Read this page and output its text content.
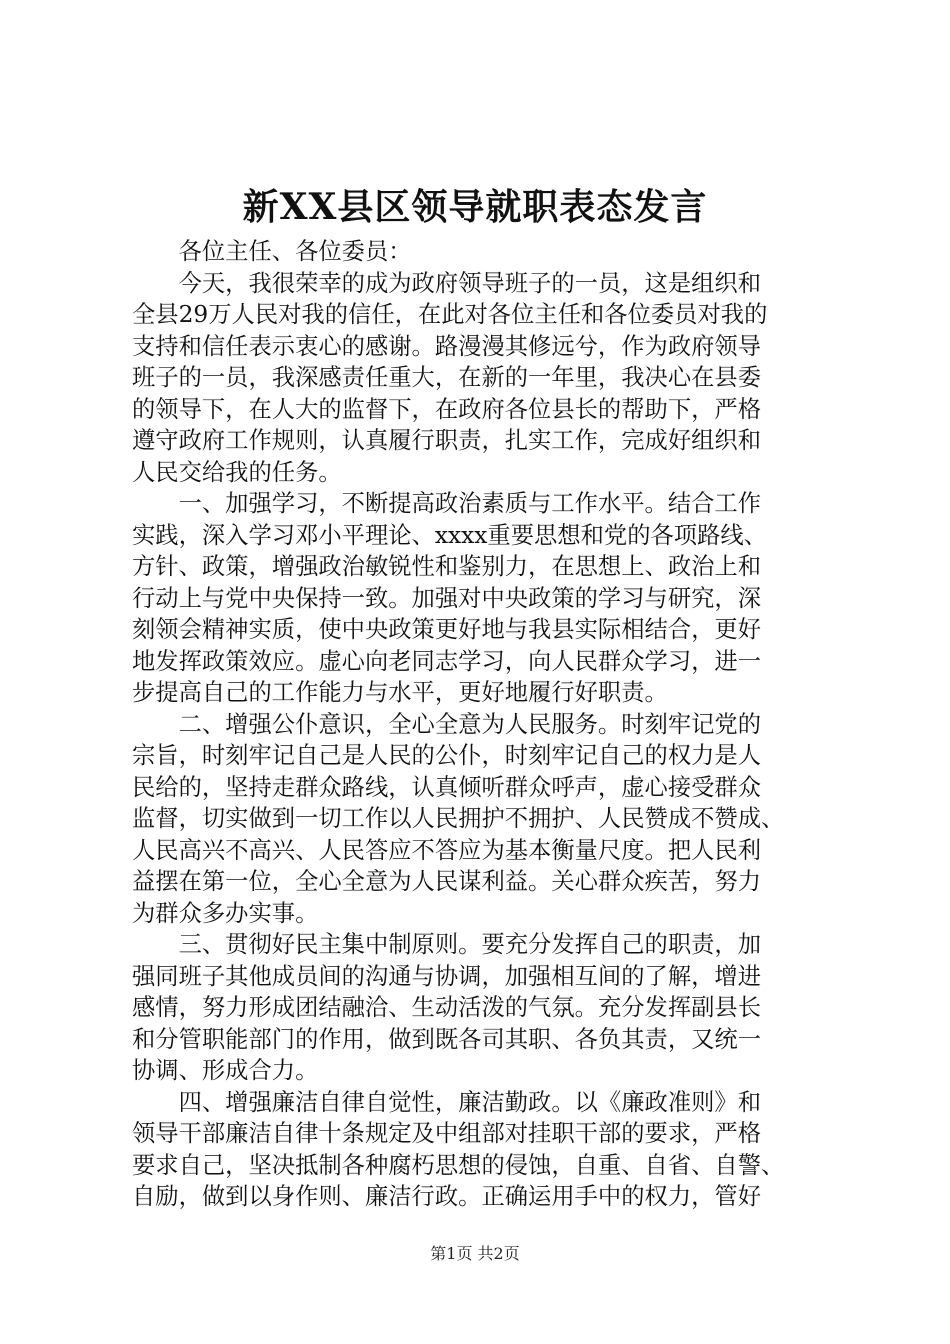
新XX县区领导就职表态发言
　　各位主任、各位委员：
　　今天，我很荣幸的成为政府领导班子的一员，这是组织和
全县29万人民对我的信任，在此对各位主任和各位委员对我的
支持和信任表示衷心的感谢。路漫漫其修远兮，作为政府领导
班子的一员，我深感责任重大，在新的一年里，我决心在县委
的领导下，在人大的监督下，在政府各位县长的帮助下，严格
遵守政府工作规则，认真履行职责，扎实工作，完成好组织和
人民交给我的任务。
　　一、加强学习，不断提高政治素质与工作水平。结合工作
实践，深入学习邓小平理论、xxxx重要思想和党的各项路线、
方针、政策，增强政治敏锐性和鉴别力，在思想上、政治上和
行动上与党中央保持一致。加强对中央政策的学习与研究，深
刻领会精神实质，使中央政策更好地与我县实际相结合，更好
地发挥政策效应。虚心向老同志学习，向人民群众学习，进一
步提高自己的工作能力与水平，更好地履行好职责。
　　二、增强公仆意识，全心全意为人民服务。时刻牢记党的
宗旨，时刻牢记自己是人民的公仆，时刻牢记自己的权力是人
民给的，坚持走群众路线，认真倾听群众呼声，虚心接受群众
监督，切实做到一切工作以人民拥护不拥护、人民赞成不赞成、
人民高兴不高兴、人民答应不答应为基本衡量尺度。把人民利
益摆在第一位，全心全意为人民谋利益。关心群众疾苦，努力
为群众多办实事。
　　三、贯彻好民主集中制原则。要充分发挥自己的职责，加
强同班子其他成员间的沟通与协调，加强相互间的了解，增进
感情，努力形成团结融洽、生动活泼的气氛。充分发挥副县长
和分管职能部门的作用，做到既各司其职、各负其责，又统一
协调、形成合力。
　　四、增强廉洁自律自觉性，廉洁勤政。以《廉政准则》和
领导干部廉洁自律十条规定及中组部对挂职干部的要求，严格
要求自己，坚决抵制各种腐朽思想的侵蚀，自重、自省、自警、
自励，做到以身作则、廉洁行政。正确运用手中的权力，管好
第1页 共2页
